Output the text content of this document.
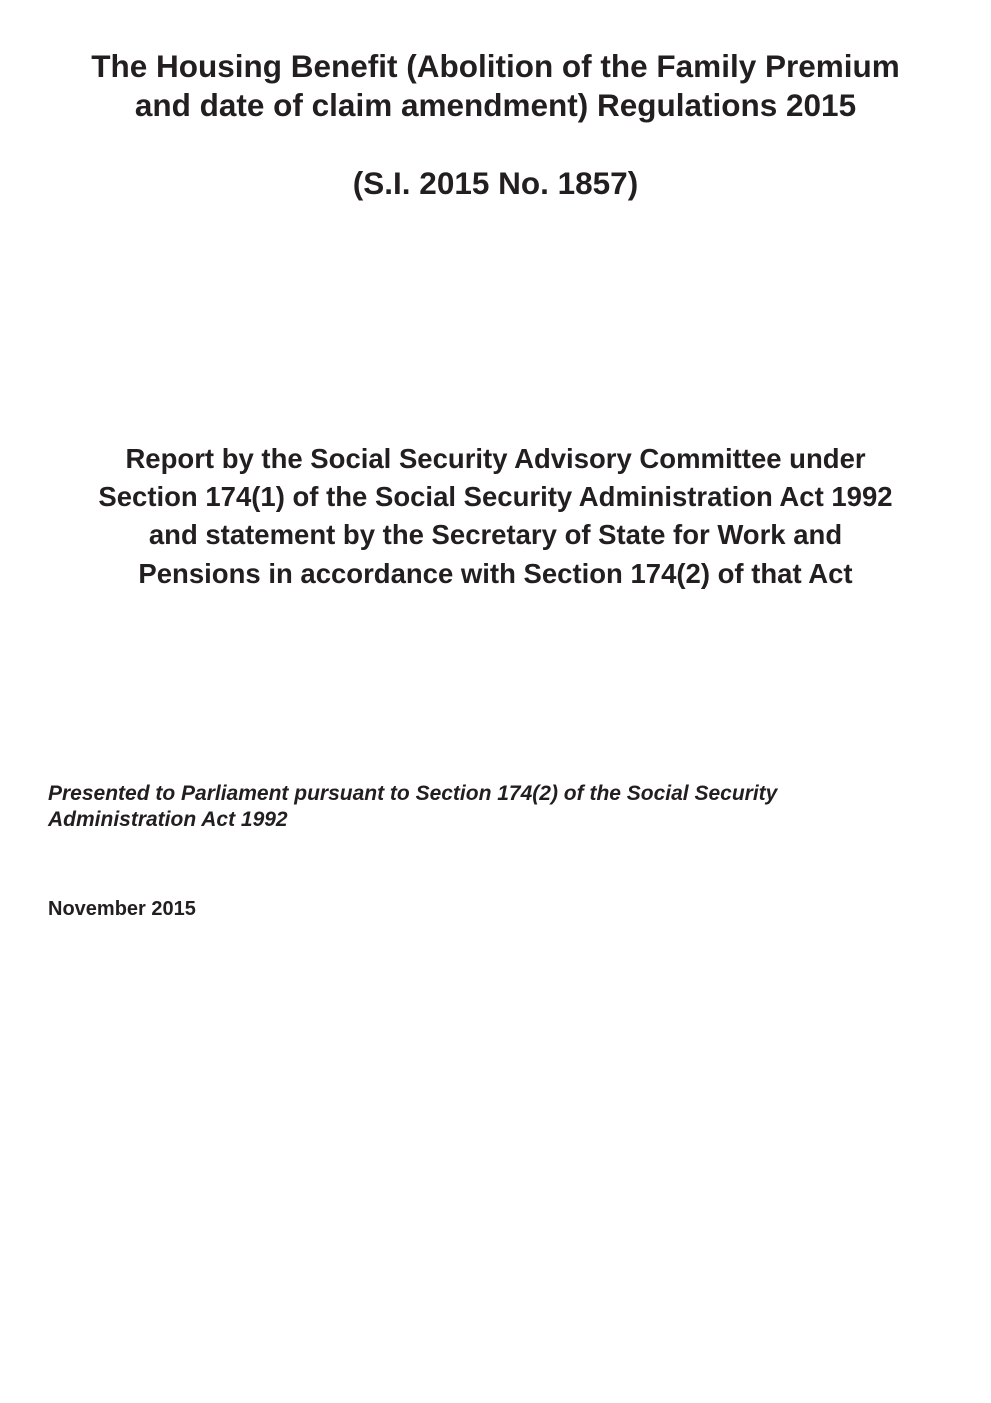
The Housing Benefit (Abolition of the Family Premium
and date of claim amendment) Regulations 2015
(S.I. 2015 No. 1857)
Report by the Social Security Advisory Committee under
Section 174(1) of the Social Security Administration Act 1992
and statement by the Secretary of State for Work and
Pensions in accordance with Section 174(2) of that Act
Presented to Parliament pursuant to Section 174(2) of the Social Security
Administration Act 1992
November 2015
